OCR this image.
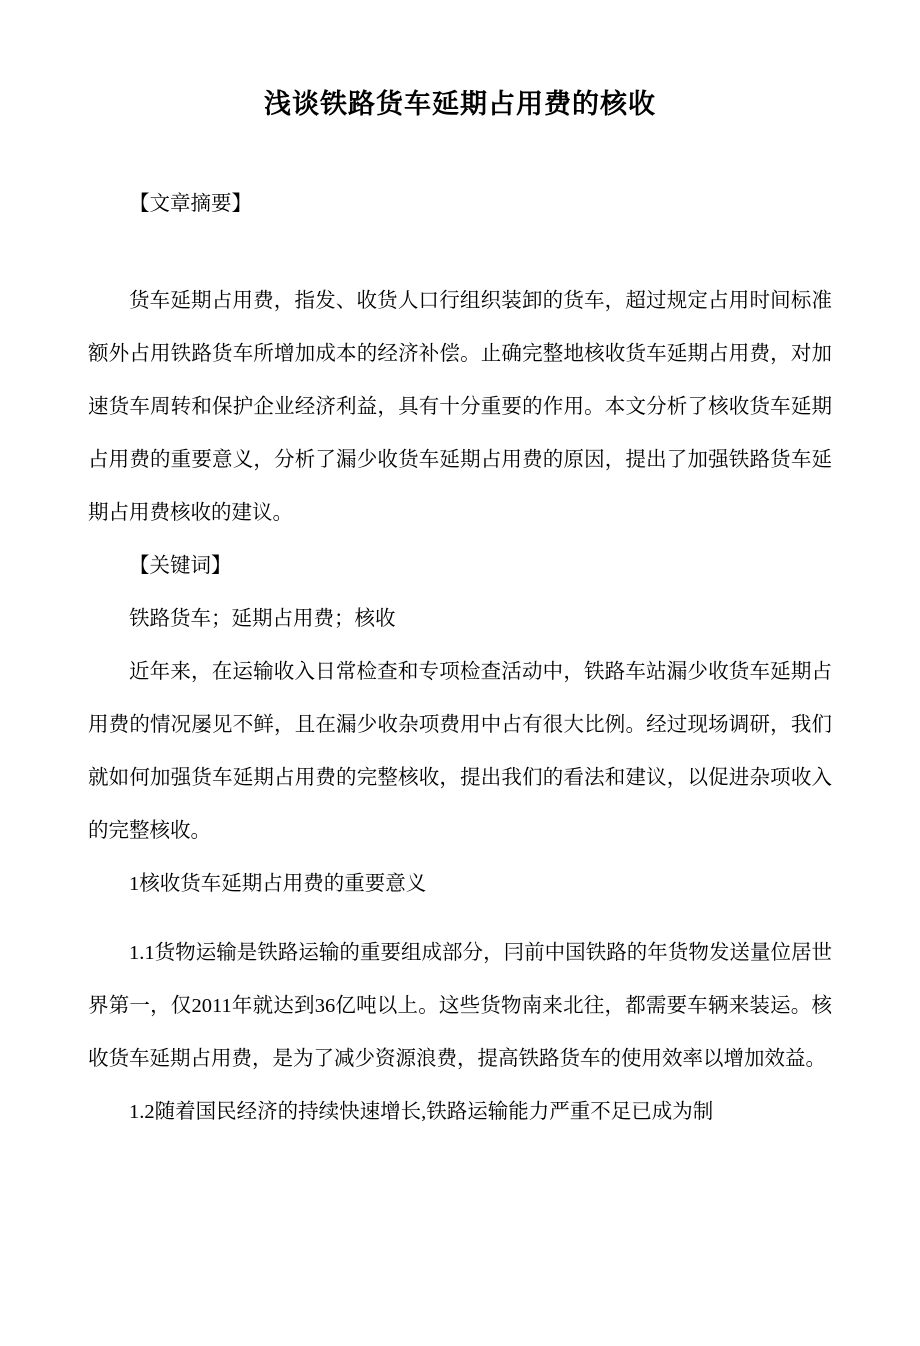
浅谈铁路货车延期占用费的核收

【文章摘要】

货车延期占用费，指发、收货人口行组织装卸的货车，超过规定占用时间标准额外占用铁路货车所增加成本的经济补偿。止确完整地核收货车延期占用费，对加速货车周转和保护企业经济利益，具有十分重要的作用。本文分析了核收货车延期占用费的重要意义，分析了漏少收货车延期占用费的原因，提出了加强铁路货车延期占用费核收的建议。

【关键词】

铁路货车；延期占用费；核收

近年来，在运输收入日常检查和专项检查活动中，铁路车站漏少收货车延期占用费的情况屡见不鲜，且在漏少收杂项费用中占有很大比例。经过现场调研，我们就如何加强货车延期占用费的完整核收，提出我们的看法和建议，以促进杂项收入的完整核收。

1核收货车延期占用费的重要意义

1.1货物运输是铁路运输的重要组成部分，冃前中国铁路的年货物发送量位居世界第一，仅2011年就达到36亿吨以上。这些货物南来北往，都需要车辆来装运。核收货车延期占用费，是为了减少资源浪费，提高铁路货车的使用效率以增加效益。

1.2随着国民经济的持续快速增长,铁路运输能力严重不足已成为制
